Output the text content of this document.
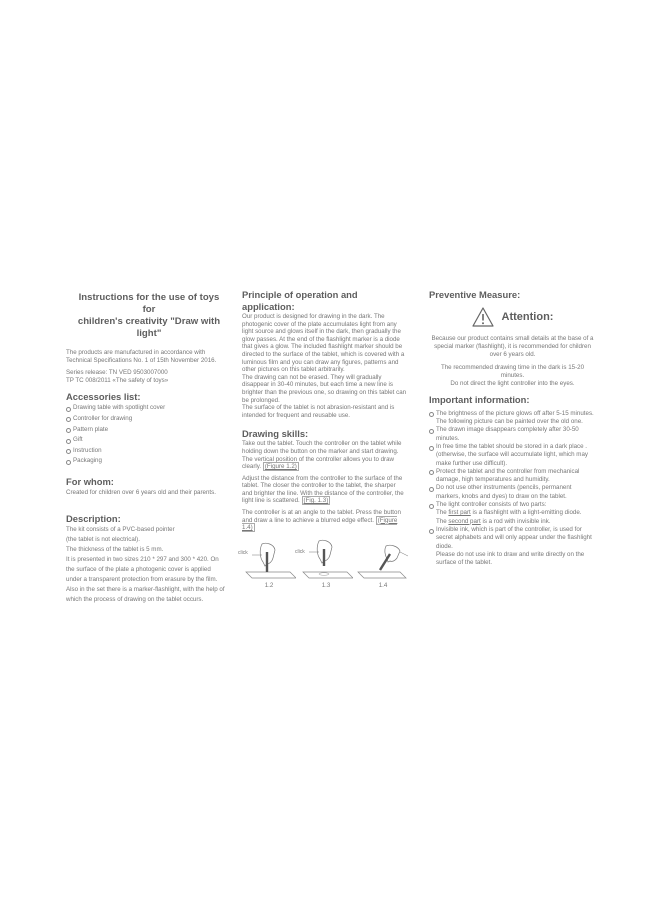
Instructions for the use of toys for
children's creativity "Draw with light"

The products are manufactured in accordance with Technical Specifications No. 1 of 15th November 2016.

Series release: TN VED 9503007000

TP TC 008/2011 «The safety of toys»

Accessories list:
Drawing table with spotlight cover
Controller for drawing
Pattern plate
Gift
Instruction
Packaging
For whom:

Created for children over 6 years old and their parents.

Description:

The kit consists of a PVC-based pointer

(the tablet is not electrical).

The thickness of the tablet is 5 mm.

It is presented in two sizes 210 * 297 and 300 * 420. On the surface of the plate a photogenic cover is applied under a transparent protection from erasure by the film.

Also in the set there is a marker-flashlight, with the help of which the process of drawing on the tablet occurs.

Principle of operation and application:

Our product is designed for drawing in the dark. The photogenic cover of the plate accumulates light from any light source and glows itself in the dark, then gradually the glow passes. At the end of the flashlight marker is a diode that gives a glow. The included flashlight marker should be directed to the surface of the tablet, which is covered with a luminous film and you can draw any figures, patterns and other pictures on this tablet arbitrarily.

The drawing can not be erased. They will gradually disappear in 30-40 minutes, but each time a new line is brighter than the previous one, so drawing on this tablet can be prolonged.

The surface of the tablet is not abrasion-resistant and is intended for frequent and reusable use.

Drawing skills:

Take out the tablet. Touch the controller on the tablet while holding down the button on the marker and start drawing.

The vertical position of the controller allows you to draw clearly. (Figure 1.2)

Adjust the distance from the controller to the surface of the tablet. The closer the controller to the tablet, the sharper and brighter the line. With the distance of the controller, the light line is scattered. (Fig. 1.3)

The controller is at an angle to the tablet. Press the button and draw a line to achieve a blurred edge effect. (Figure 1.4)

click
1.2
click
1.3	1.4
Preventive Measure:
Attention:

Because our product contains small details at the base of a special marker (flashlight), it is recommended for children over 6 years old.

The recommended drawing time in the dark is 15-20 minutes.

Do not direct the light controller into the eyes.

Important information:
The brightness of the picture glows off after 5-15 minutes.
The following picture can be painted over the old one.
The drawn image disappears completely after 30-50 minutes.
In free time the tablet should be stored in a dark place . (otherwise, the surface will accumulate light, which may make further use difficult).
Protect the tablet and the controller from mechanical damage, high temperatures and humidity.
Do not use other instruments (pencils, permanent markers, knobs and dyes) to draw on the tablet.
The light controller consists of two parts:
The first part is a flashlight with a light-emitting diode.
The second part is a rod with invisible ink.
Invisible ink, which is part of the controller, is used for secret alphabets and will only appear under the flashlight diode.
Please do not use ink to draw and write directly on the surface of the tablet.
